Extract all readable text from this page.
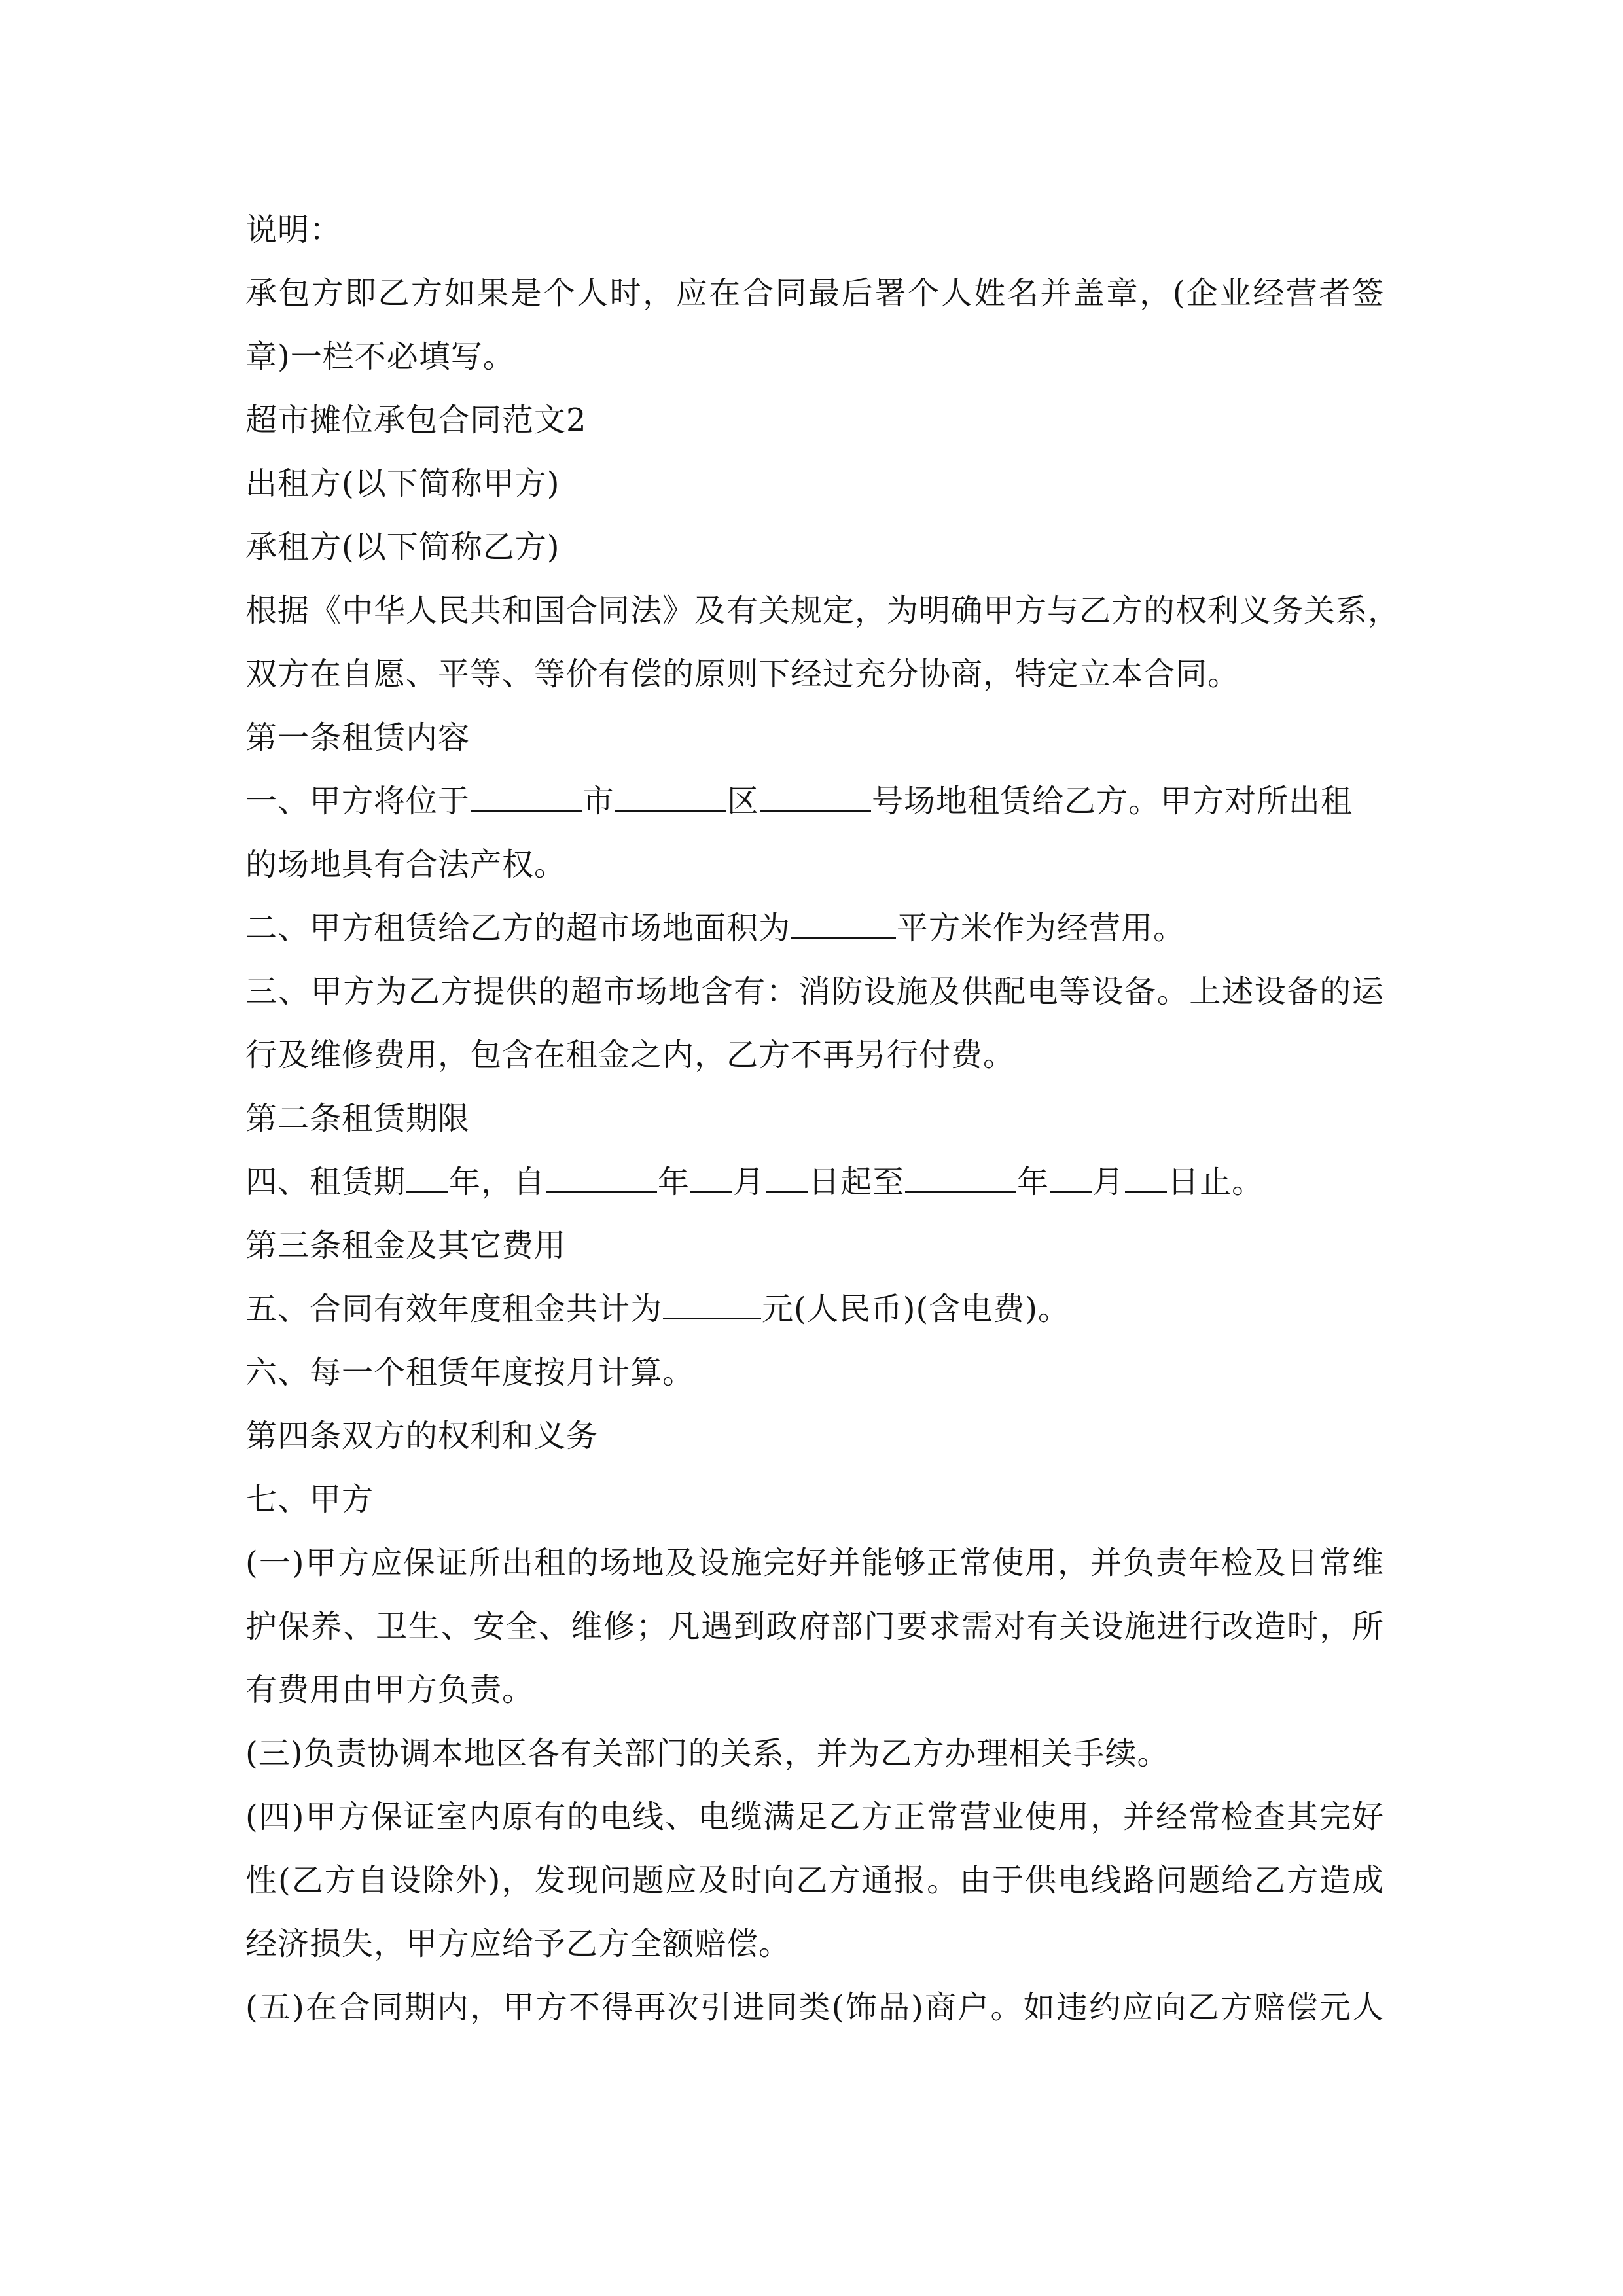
说明：
承包方即乙方如果是个人时，应在合同最后署个人姓名并盖章，(企业经营者签
章)一栏不必填写。
超市摊位承包合同范文2
出租方(以下简称甲方)
承租方(以下简称乙方)
根据《中华人民共和国合同法》及有关规定，为明确甲方与乙方的权利义务关系，
双方在自愿、平等、等价有偿的原则下经过充分协商，特定立本合同。
第一条租赁内容
一、甲方将位于	市	区	号场地租赁给乙方。甲方对所出租
的场地具有合法产权。
二、甲方租赁给乙方的超市场地面积为	平方米作为经营用。
三、甲方为乙方提供的超市场地含有：消防设施及供配电等设备。上述设备的运
行及维修费用，包含在租金之内，乙方不再另行付费。
第二条租赁期限
四、租赁期 年，自	年 月 日起至	年 月 日止。
第三条租金及其它费用
五、合同有效年度租金共计为	元(人民币)(含电费)。
六、每一个租赁年度按月计算。
第四条双方的权利和义务
七、甲方
(一)甲方应保证所出租的场地及设施完好并能够正常使用，并负责年检及日常维
护保养、卫生、安全、维修；凡遇到政府部门要求需对有关设施进行改造时，所
有费用由甲方负责。
(三)负责协调本地区各有关部门的关系，并为乙方办理相关手续。
(四)甲方保证室内原有的电线、电缆满足乙方正常营业使用，并经常检查其完好
性(乙方自设除外)，发现问题应及时向乙方通报。由于供电线路问题给乙方造成
经济损失，甲方应给予乙方全额赔偿。
(五)在合同期内，甲方不得再次引进同类(饰品)商户。如违约应向乙方赔偿元人
